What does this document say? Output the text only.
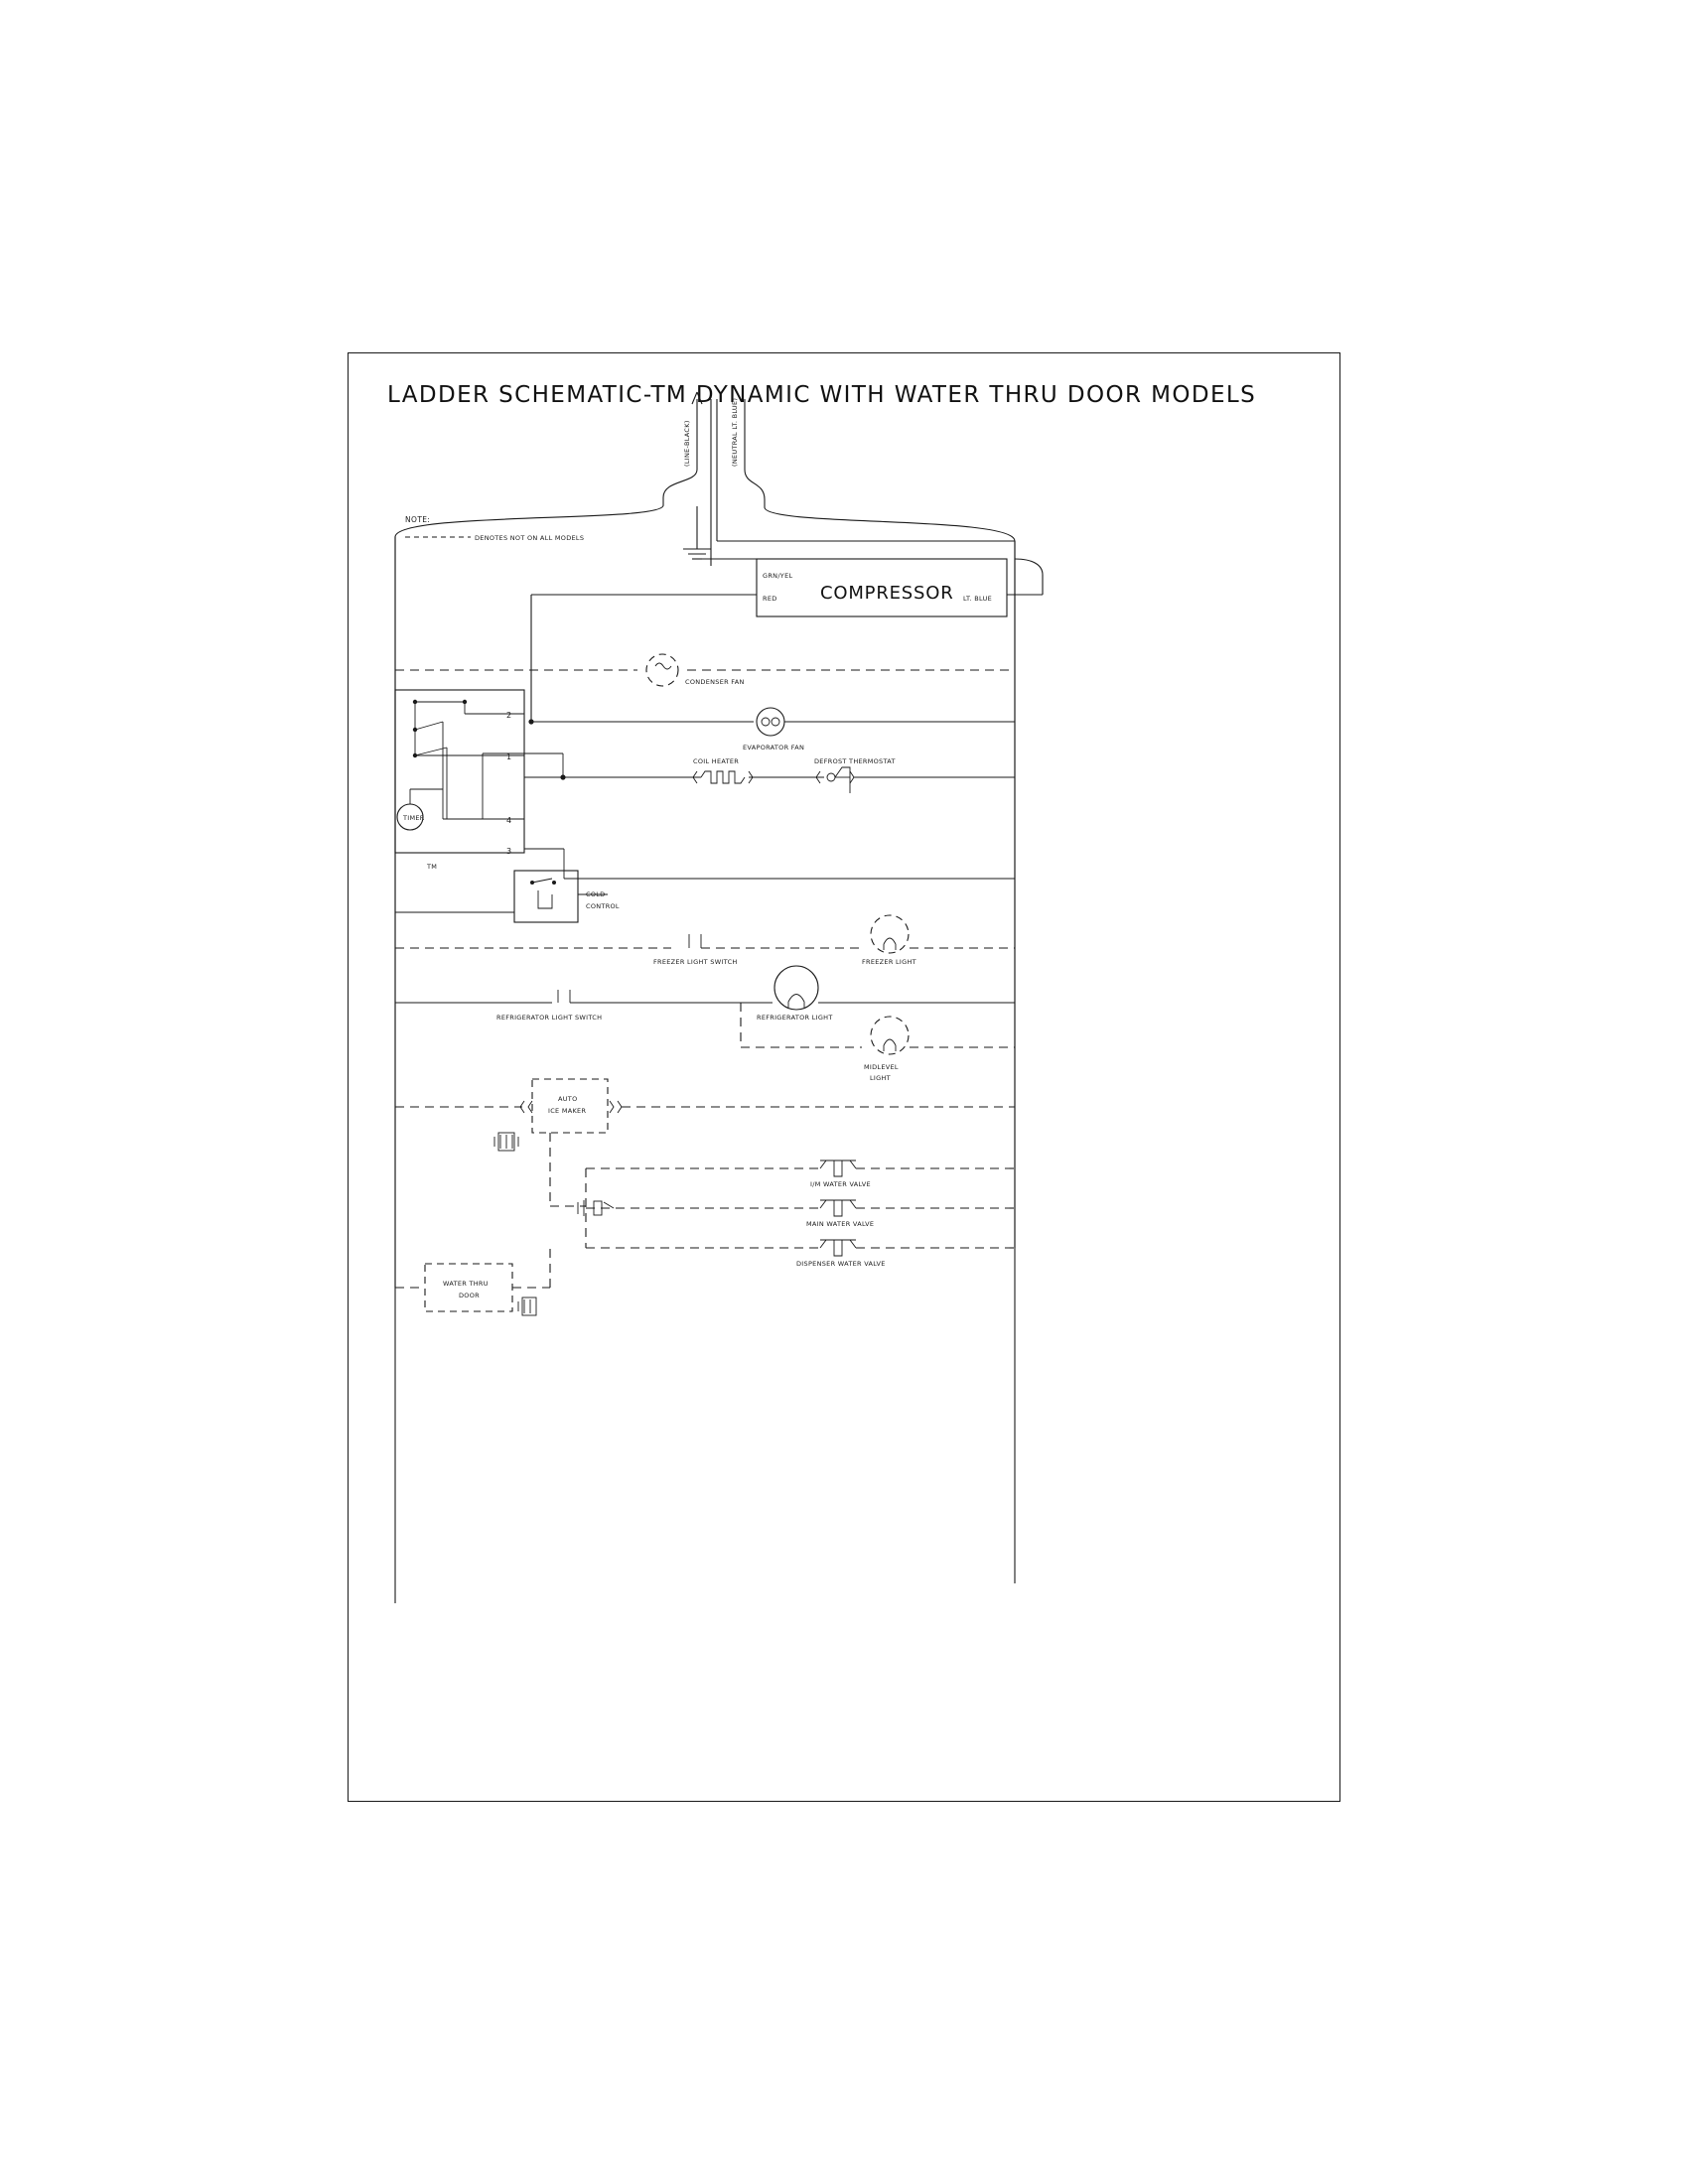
LADDER SCHEMATIC-TM DYNAMIC WITH WATER THRU DOOR MODELS
NOTE:
DENOTES NOT ON ALL MODELS
(LINE-BLACK)	(NEUTRAL LT. BLUE)
COMPRESSOR
GRN/YEL
RED	LT. BLUE
CONDENSER FAN
EVAPORATOR FAN
COIL HEATER	DEFROST THERMOSTAT
2
1
4
3
TIMER
TM
COLD
CONTROL
FREEZER LIGHT SWITCH	FREEZER LIGHT
REFRIGERATOR LIGHT SWITCH	REFRIGERATOR LIGHT
MIDLEVEL
LIGHT
AUTO
ICE MAKER
I/M WATER VALVE
MAIN WATER VALVE
DISPENSER WATER VALVE
WATER THRU
DOOR
